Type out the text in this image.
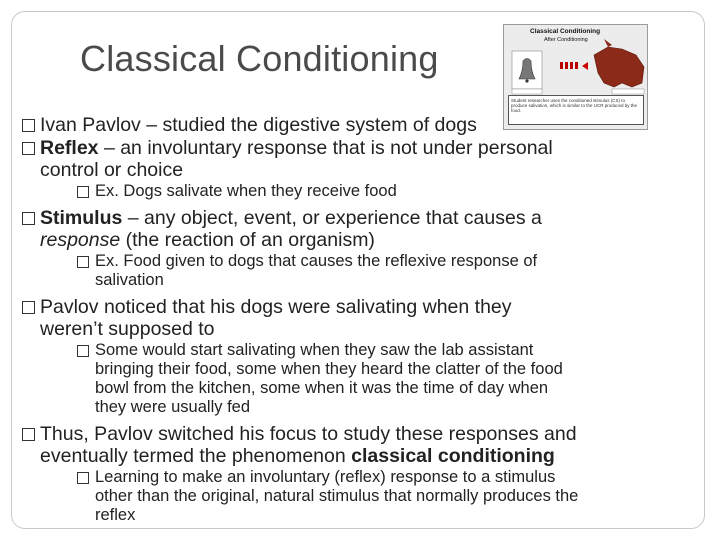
Classical Conditioning
Classical Conditioning
After Conditioning
Student researcher uses the conditioned stimulus (CS) to produce salivation, which is similar to the UCR produced by the food.
Ivan Pavlov – studied the digestive system of dogs
Reflex – an involuntary response that is not under personal
control or choice
Ex. Dogs salivate when they receive food
Stimulus – any object, event, or experience that causes a
response (the reaction of an organism)
Ex. Food given to dogs that causes the reflexive response of
salivation
Pavlov noticed that his dogs were salivating when they
weren’t supposed to
Some would start salivating when they saw the lab assistant
bringing their food, some when they heard the clatter of the food
bowl from the kitchen, some when it was the time of day when
they were usually fed
Thus, Pavlov switched his focus to study these responses and
eventually termed the phenomenon classical conditioning
Learning to make an involuntary (reflex) response to a stimulus
other than the original, natural stimulus that normally produces the
reflex
